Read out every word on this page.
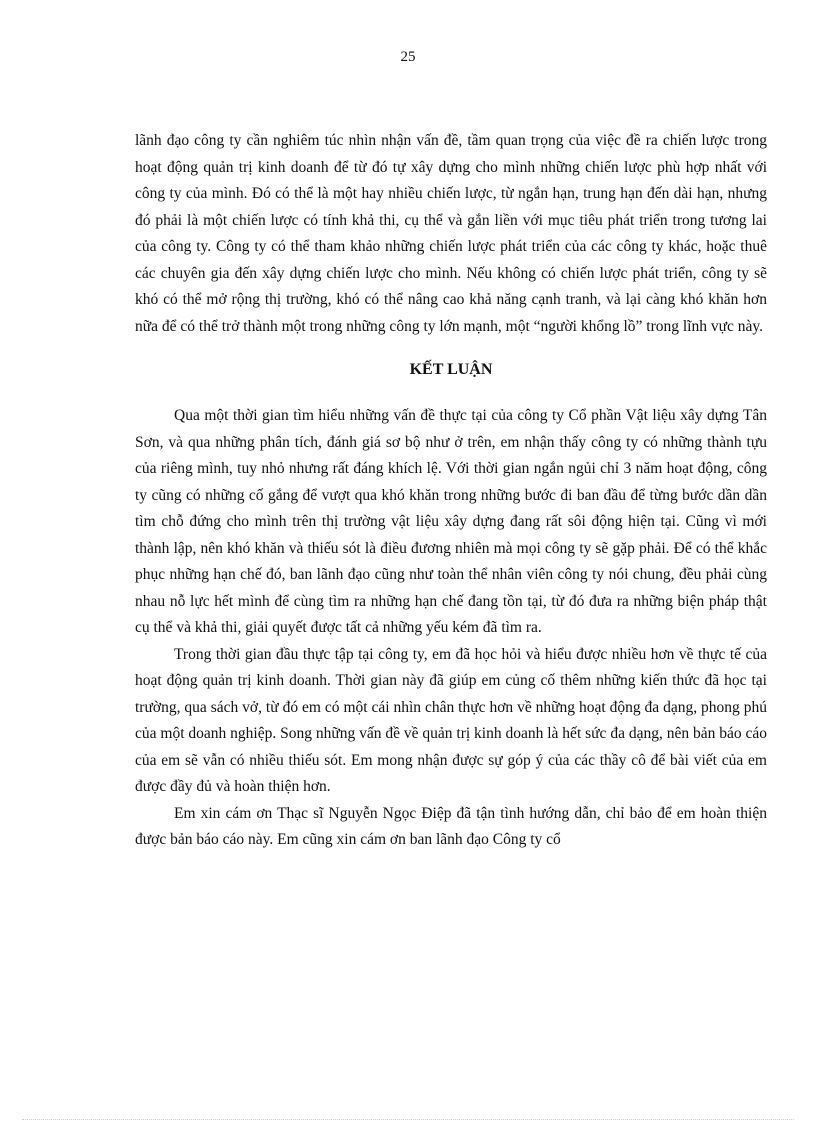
25

lãnh đạo công ty cần nghiêm túc nhìn nhận vấn đề, tầm quan trọng của việc đề ra chiến lược trong hoạt động quản trị kinh doanh để từ đó tự xây dựng cho mình những chiến lược phù hợp nhất với công ty của mình. Đó có thể là một hay nhiều chiến lược, từ ngắn hạn, trung hạn đến dài hạn, nhưng đó phải là một chiến lược có tính khả thi, cụ thể và gắn liền với mục tiêu phát triển trong tương lai của công ty. Công ty có thể tham khảo những chiến lược phát triển của các công ty khác, hoặc thuê các chuyên gia đến xây dựng chiến lược cho mình. Nếu không có chiến lược phát triển, công ty sẽ khó có thể mở rộng thị trường, khó có thể nâng cao khả năng cạnh tranh, và lại càng khó khăn hơn nữa để có thể trở thành một trong những công ty lớn mạnh, một “người khổng lồ” trong lĩnh vực này.

KẾT LUẬN

Qua một thời gian tìm hiểu những vấn đề thực tại của công ty Cổ phần Vật liệu xây dựng Tân Sơn, và qua những phân tích, đánh giá sơ bộ như ở trên, em nhận thấy công ty có những thành tựu của riêng mình, tuy nhỏ nhưng rất đáng khích lệ. Với thời gian ngắn ngủi chỉ 3 năm hoạt động, công ty cũng có những cố gắng để vượt qua khó khăn trong những bước đi ban đầu để từng bước dần dần tìm chỗ đứng cho mình trên thị trường vật liệu xây dựng đang rất sôi động hiện tại. Cũng vì mới thành lập, nên khó khăn và thiếu sót là điều đương nhiên mà mọi công ty sẽ gặp phải. Để có thể khắc phục những hạn chế đó, ban lãnh đạo cũng như toàn thể nhân viên công ty nói chung, đều phải cùng nhau nỗ lực hết mình để cùng tìm ra những hạn chế đang tồn tại, từ đó đưa ra những biện pháp thật cụ thể và khả thi, giải quyết được tất cả những yếu kém đã tìm ra.

Trong thời gian đầu thực tập tại công ty, em đã học hỏi và hiểu được nhiều hơn về thực tế của hoạt động quản trị kinh doanh. Thời gian này đã giúp em củng cố thêm những kiến thức đã học tại trường, qua sách vở, từ đó em có một cái nhìn chân thực hơn về những hoạt động đa dạng, phong phú của một doanh nghiệp. Song những vấn đề về quản trị kinh doanh là hết sức đa dạng, nên bản báo cáo của em sẽ vẫn có nhiều thiếu sót. Em mong nhận được sự góp ý của các thầy cô để bài viết của em được đầy đủ và hoàn thiện hơn.

Em xin cám ơn Thạc sĩ Nguyễn Ngọc Điệp đã tận tình hướng dẫn, chỉ bảo để em hoàn thiện được bản báo cáo này. Em cũng xin cám ơn ban lãnh đạo Công ty cổ
